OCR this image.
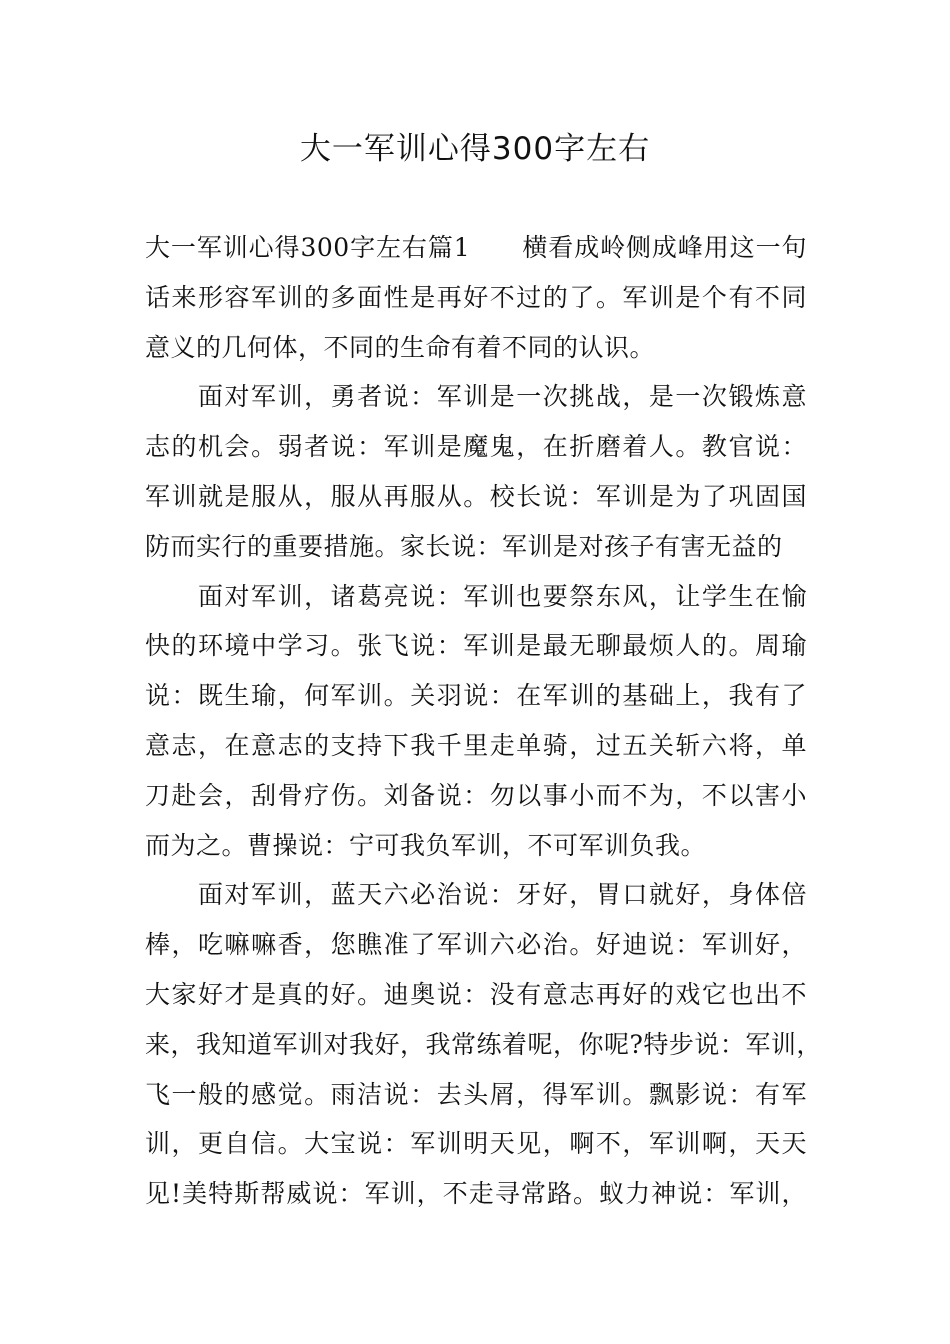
大一军训心得300字左右
大一军训心得300字左右篇1　　横看成岭侧成峰用这一句
话来形容军训的多面性是再好不过的了。军训是个有不同
意义的几何体，不同的生命有着不同的认识。
面对军训，勇者说：军训是一次挑战，是一次锻炼意
志的机会。弱者说：军训是魔鬼，在折磨着人。教官说：
军训就是服从，服从再服从。校长说：军训是为了巩固国
防而实行的重要措施。家长说：军训是对孩子有害无益的
面对军训，诸葛亮说：军训也要祭东风，让学生在愉
快的环境中学习。张飞说：军训是最无聊最烦人的。周瑜
说：既生瑜，何军训。关羽说：在军训的基础上，我有了
意志，在意志的支持下我千里走单骑，过五关斩六将，单
刀赴会，刮骨疗伤。刘备说：勿以事小而不为，不以害小
而为之。曹操说：宁可我负军训，不可军训负我。
面对军训，蓝天六必治说：牙好，胃口就好，身体倍
棒，吃嘛嘛香，您瞧准了军训六必治。好迪说：军训好，
大家好才是真的好。迪奥说：没有意志再好的戏它也出不
来，我知道军训对我好，我常练着呢，你呢?特步说：军训，
飞一般的感觉。雨洁说：去头屑，得军训。飘影说：有军
训，更自信。大宝说：军训明天见，啊不，军训啊，天天
见!美特斯帮威说：军训，不走寻常路。蚁力神说：军训，
